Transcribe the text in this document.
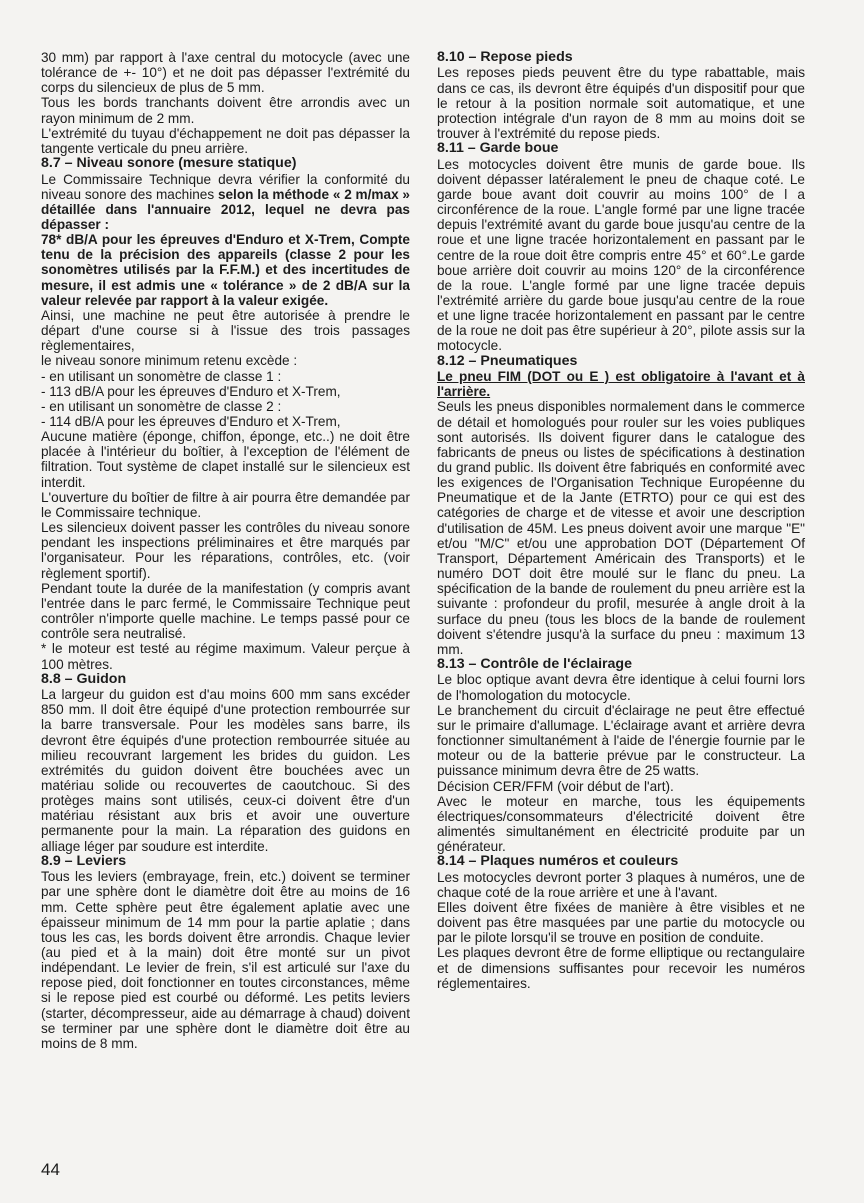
30 mm) par rapport à l'axe central du motocycle (avec une tolérance de +- 10°) et ne doit pas dépasser l'extrémité du corps du silencieux de plus de 5 mm.

Tous les bords tranchants doivent être arrondis avec un rayon minimum de 2 mm.

L'extrémité du tuyau d'échappement ne doit pas dépasser la tangente verticale du pneu arrière.

8.7 – Niveau sonore (mesure statique)

Le Commissaire Technique devra vérifier la conformité du niveau sonore des machines selon la méthode « 2 m/max » détaillée dans l'annuaire 2012, lequel ne devra pas dépasser :

78* dB/A pour les épreuves d'Enduro et X-Trem, Compte tenu de la précision des appareils (classe 2 pour les sonomètres utilisés par la F.F.M.) et des incertitudes de mesure, il est admis une « tolérance » de 2 dB/A sur la valeur relevée par rapport à la valeur exigée.

Ainsi, une machine ne peut être autorisée à prendre le départ d'une course si à l'issue des trois passages règlementaires,

le niveau sonore minimum retenu excède :

- en utilisant un sonomètre de classe 1 :

- 113 dB/A pour les épreuves d'Enduro et X-Trem,

- en utilisant un sonomètre de classe 2 :

- 114 dB/A pour les épreuves d'Enduro et X-Trem,

Aucune matière (éponge, chiffon, éponge, etc..) ne doit être placée à l'intérieur du boîtier, à l'exception de l'élément de filtration. Tout système de clapet installé sur le silencieux est interdit.

L'ouverture du boîtier de filtre à air pourra être demandée par le Commissaire technique.

Les silencieux doivent passer les contrôles du niveau sonore pendant les inspections préliminaires et être marqués par l'organisateur. Pour les réparations, contrôles, etc. (voir règlement sportif).

Pendant toute la durée de la manifestation (y compris avant l'entrée dans le parc fermé, le Commissaire Technique peut contrôler n'importe quelle machine. Le temps passé pour ce contrôle sera neutralisé.

* le moteur est testé au régime maximum. Valeur perçue à 100 mètres.

8.8 – Guidon

La largeur du guidon est d'au moins 600 mm sans excéder 850 mm. Il doit être équipé d'une protection rembourrée sur la barre transversale. Pour les modèles sans barre, ils devront être équipés d'une protection rembourrée située au milieu recouvrant largement les brides du guidon. Les extrémités du guidon doivent être bouchées avec un matériau solide ou recouvertes de caoutchouc. Si des protèges mains sont utilisés, ceux-ci doivent être d'un matériau résistant aux bris et avoir une ouverture permanente pour la main. La réparation des guidons en alliage léger par soudure est interdite.

8.9 – Leviers

Tous les leviers (embrayage, frein, etc.) doivent se terminer par une sphère dont le diamètre doit être au moins de 16 mm. Cette sphère peut être également aplatie avec une épaisseur minimum de 14 mm pour la partie aplatie ; dans tous les cas, les bords doivent être arrondis. Chaque levier (au pied et à la main) doit être monté sur un pivot indépendant. Le levier de frein, s'il est articulé sur l'axe du repose pied, doit fonctionner en toutes circonstances, même si le repose pied est courbé ou déformé. Les petits leviers (starter, décompresseur, aide au démarrage à chaud) doivent se terminer par une sphère dont le diamètre doit être au moins de 8 mm.

8.10 – Repose pieds

Les reposes pieds peuvent être du type rabattable, mais dans ce cas, ils devront être équipés d'un dispositif pour que le retour à la position normale soit automatique, et une protection intégrale d'un rayon de 8 mm au moins doit se trouver à l'extrémité du repose pieds.

8.11 – Garde boue

Les motocycles doivent être munis de garde boue. Ils doivent dépasser latéralement le pneu de chaque coté. Le garde boue avant doit couvrir au moins 100° de l a circonférence de la roue. L'angle formé par une ligne tracée depuis l'extrémité avant du garde boue jusqu'au centre de la roue et une ligne tracée horizontalement en passant par le centre de la roue doit être compris entre 45° et 60°.Le garde boue arrière doit couvrir au moins 120° de la circonférence de la roue. L'angle formé par une ligne tracée depuis l'extrémité arrière du garde boue jusqu'au centre de la roue et une ligne tracée horizontalement en passant par le centre de la roue ne doit pas être supérieur à 20°, pilote assis sur la motocycle.

8.12 – Pneumatiques

Le pneu FIM (DOT ou E ) est obligatoire à l'avant et à l'arrière.

Seuls les pneus disponibles normalement dans le commerce de détail et homologués pour rouler sur les voies publiques sont autorisés. Ils doivent figurer dans le catalogue des fabricants de pneus ou listes de spécifications à destination du grand public. Ils doivent être fabriqués en conformité avec les exigences de l'Organisation Technique Européenne du Pneumatique et de la Jante (ETRTO) pour ce qui est des catégories de charge et de vitesse et avoir une description d'utilisation de 45M. Les pneus doivent avoir une marque "E" et/ou "M/C" et/ou une approbation DOT (Département Of Transport, Département Américain des Transports) et le numéro DOT doit être moulé sur le flanc du pneu. La spécification de la bande de roulement du pneu arrière est la suivante : profondeur du profil, mesurée à angle droit à la surface du pneu (tous les blocs de la bande de roulement doivent s'étendre jusqu'à la surface du pneu : maximum 13 mm.

8.13 – Contrôle de l'éclairage

Le bloc optique avant devra être identique à celui fourni lors de l'homologation du motocycle.

Le branchement du circuit d'éclairage ne peut être effectué sur le primaire d'allumage. L'éclairage avant et arrière devra fonctionner simultanément à l'aide de l'énergie fournie par le moteur ou de la batterie prévue par le constructeur. La puissance minimum devra être de 25 watts.

Décision CER/FFM (voir début de l'art).

Avec le moteur en marche, tous les équipements électriques/consommateurs d'électricité doivent être alimentés simultanément en électricité produite par un générateur.

8.14 – Plaques numéros et couleurs

Les motocycles devront porter 3 plaques à numéros, une de chaque coté de la roue arrière et une à l'avant.

Elles doivent être fixées de manière à être visibles et ne doivent pas être masquées par une partie du motocycle ou par le pilote lorsqu'il se trouve en position de conduite.

Les plaques devront être de forme elliptique ou rectangulaire et de dimensions suffisantes pour recevoir les numéros réglementaires.

44
